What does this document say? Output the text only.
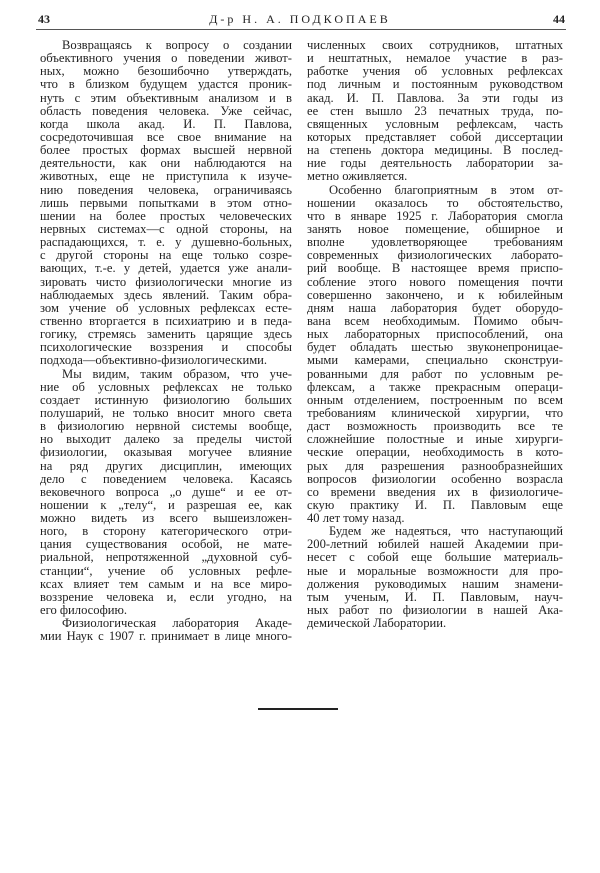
43	Д-р Н. А. ПОДКОПАЕВ	44
Возвращаясь к вопросу о создании
объективного учения о поведении живот-
ных, можно безошибочно утверждать,
что в близком будущем удастся проник-
нуть с этим объективным анализом и в
область поведения человека. Уже сейчас,
когда школа акад. И. П. Павлова,
сосредоточившая все свое внимание на
более простых формах высшей нервной
деятельности, как они наблюдаются на
животных, еще не приступила к изуче-
нию поведения человека, ограничиваясь
лишь первыми попытками в этом отно-
шении на более простых человеческих
нервных системах—с одной стороны, на
распадающихся, т. е. у душевно-больных,
с другой стороны на еще только созре-
вающих, т.-е. у детей, удается уже анали-
зировать чисто физиологически многие из
наблюдаемых здесь явлений. Таким обра-
зом учение об условных рефлексах есте-
ственно вторгается в психиатрию и в педа-
гогику, стремясь заменить царящие здесь
психологические воззрения и способы
подхода—объективно-физиологическими.
Мы видим, таким образом, что уче-
ние об условных рефлексах не только
создает истинную физиологию больших
полушарий, не только вносит много света
в физиологию нервной системы вообще,
но выходит далеко за пределы чистой
физиологии, оказывая могучее влияние
на ряд других дисциплин, имеющих
дело с поведением человека. Касаясь
вековечного вопроса „о душе“ и ее от-
ношении к „телу“, и разрешая ее, как
можно видеть из всего вышеизложен-
ного, в сторону категорического отри-
цания существования особой, не мате-
риальной, непротяженной „духовной суб-
станции“, учение об условных рефле-
ксах влияет тем самым и на все миро-
воззрение человека и, если угодно, на
его философию.
Физиологическая лаборатория Акаде-
мии Наук с 1907 г. принимает в лице много-
численных своих сотрудников, штатных
и нештатных, немалое участие в раз-
работке учения об условных рефлексах
под личным и постоянным руководством
акад. И. П. Павлова. За эти годы из
ее стен вышло 23 печатных труда, по-
священных условным рефлексам, часть
которых представляет собой диссертации
на степень доктора медицины. В послед-
ние годы деятельность лаборатории за-
метно оживляется.
Особенно благоприятным в этом от-
ношении оказалось то обстоятельство,
что в январе 1925 г. Лаборатория смогла
занять новое помещение, обширное и
вполне удовлетворяющее требованиям
современных физиологических лаборато-
рий вообще. В настоящее время приспо-
собление этого нового помещения почти
совершенно закончено, и к юбилейным
дням наша лаборатория будет оборудо-
вана всем необходимым. Помимо обыч-
ных лабораторных приспособлений, она
будет обладать шестью звуконепроницае-
мыми камерами, специально сконструи-
рованными для работ по условным ре-
флексам, а также прекрасным операци-
онным отделением, построенным по всем
требованиям клинической хирургии, что
даст возможность производить все те
сложнейшие полостные и иные хирурги-
ческие операции, необходимость в кото-
рых для разрешения разнообразнейших
вопросов физиологии особенно возрасла
со времени введения их в физиологиче-
скую практику И. П. Павловым еще
40 лет тому назад.
Будем же надеяться, что наступающий
200-летний юбилей нашей Академии при-
несет с собой еще большие материаль-
ные и моральные возможности для про-
должения руководимых нашим знамени-
тым ученым, И. П. Павловым, науч-
ных работ по физиологии в нашей Ака-
демической Лаборатории.
